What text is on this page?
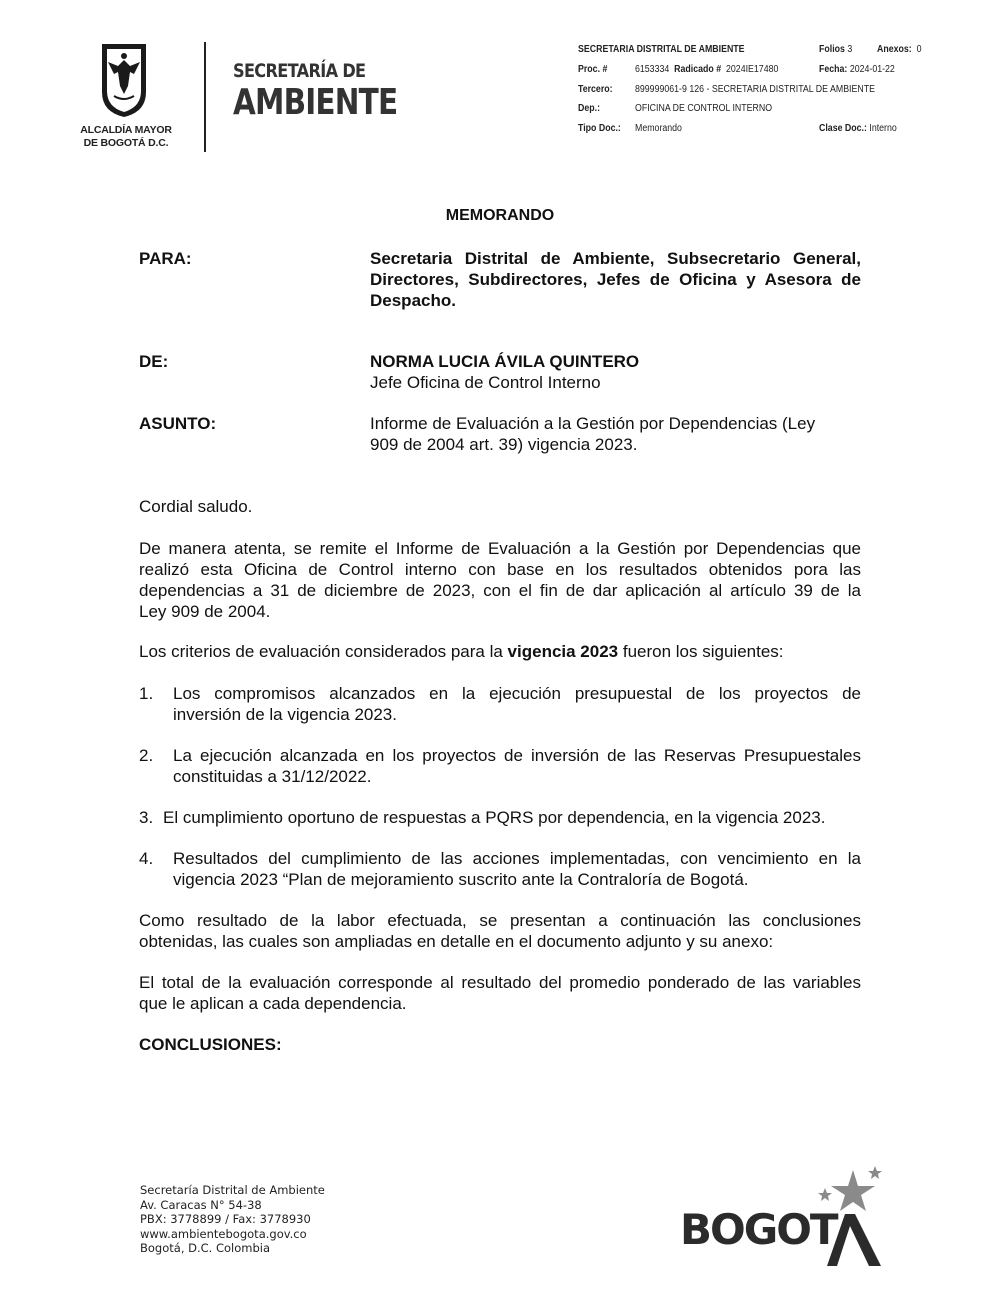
ALCALDÍA MAYOR
DE BOGOTÁ D.C.
SECRETARÍA DE
AMBIENTE
SECRETARIA DISTRITAL DE AMBIENTE	Folios 3 Anexos: 0
Proc. #	6153334 Radicado # 2024IE17480	Fecha: 2024-01-22
Tercero: 899999061-9 126 - SECRETARIA DISTRITAL DE AMBIENTE
Dep.:	OFICINA DE CONTROL INTERNO
Tipo Doc.: Memorando	Clase Doc.: Interno
MEMORANDO
PARA:	Secretaria Distrital de Ambiente, Subsecretario General,
Directores, Subdirectores, Jefes de Oficina y Asesora de
Despacho.
DE:	NORMA LUCIA ÁVILA QUINTERO
Jefe Oficina de Control Interno
ASUNTO:	Informe de Evaluación a la Gestión por Dependencias (Ley
909 de 2004 art. 39) vigencia 2023.
Cordial saludo.
De manera atenta, se remite el Informe de Evaluación a la Gestión por Dependencias que
realizó esta Oficina de Control interno con base en los resultados obtenidos pora las
dependencias a 31 de diciembre de 2023, con el fin de dar aplicación al artículo 39 de la
Ley 909 de 2004.
Los criterios de evaluación considerados para la vigencia 2023 fueron los siguientes:
1. Los compromisos alcanzados en la ejecución presupuestal de los proyectos de
inversión de la vigencia 2023.
2. La ejecución alcanzada en los proyectos de inversión de las Reservas Presupuestales
constituidas a 31/12/2022.
3. El cumplimiento oportuno de respuestas a PQRS por dependencia, en la vigencia 2023.
4. Resultados del cumplimiento de las acciones implementadas, con vencimiento en la
vigencia 2023 “Plan de mejoramiento suscrito ante la Contraloría de Bogotá.
Como resultado de la labor efectuada, se presentan a continuación las conclusiones
obtenidas, las cuales son ampliadas en detalle en el documento adjunto y su anexo:
El total de la evaluación corresponde al resultado del promedio ponderado de las variables
que le aplican a cada dependencia.
CONCLUSIONES:
Secretaría Distrital de Ambiente
Av. Caracas N° 54-38
PBX: 3778899 / Fax: 3778930
www.ambientebogota.gov.co
Bogotá, D.C. Colombia	BOGOT
